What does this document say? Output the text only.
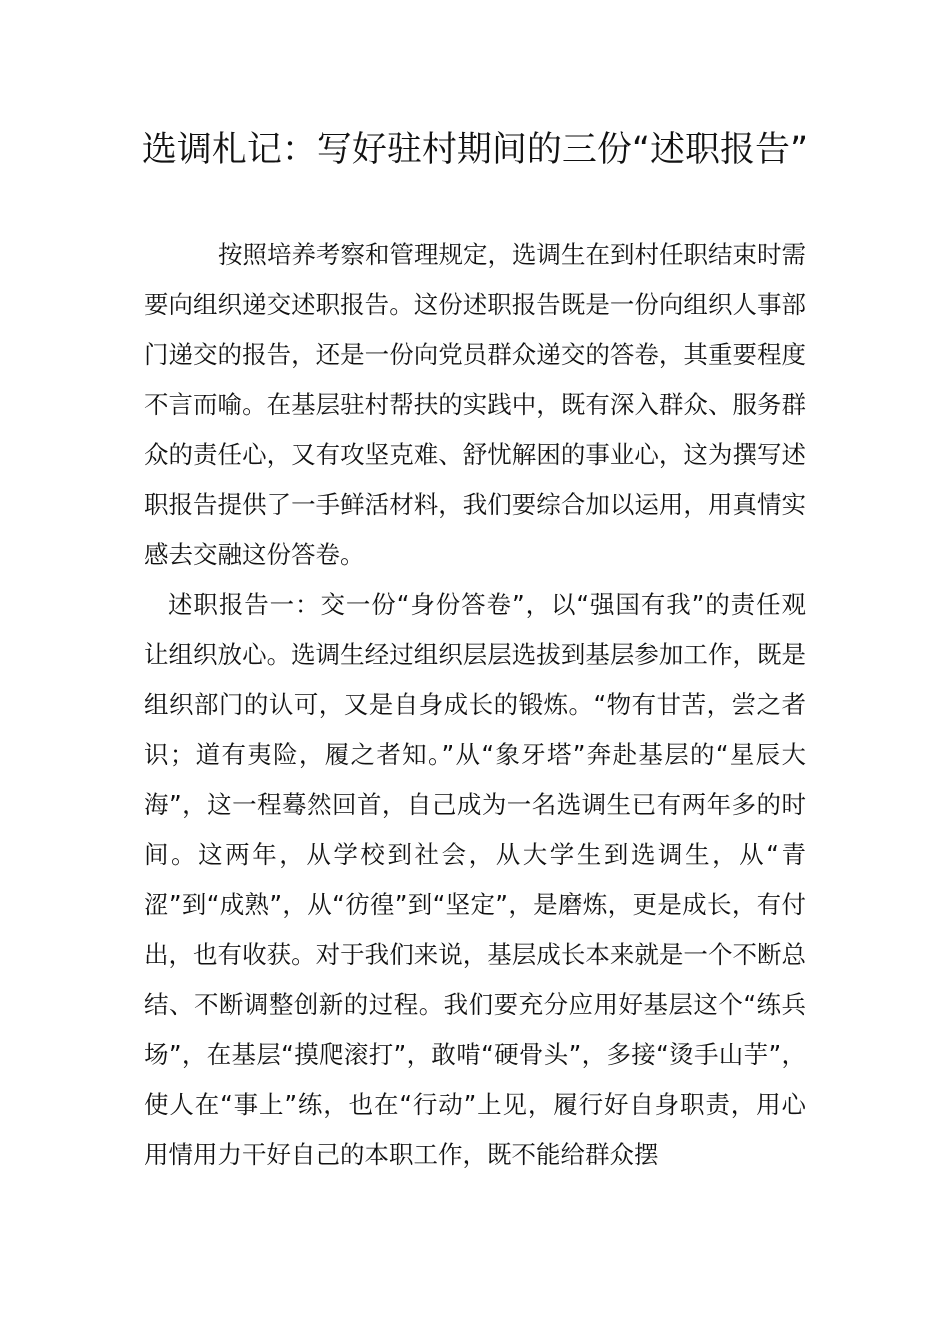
选调札记：写好驻村期间的三份“述职报告”

按照培养考察和管理规定，选调生在到村任职结束时需要向组织递交述职报告。这份述职报告既是一份向组织人事部门递交的报告，还是一份向党员群众递交的答卷，其重要程度不言而喻。在基层驻村帮扶的实践中，既有深入群众、服务群众的责任心，又有攻坚克难、舒忧解困的事业心，这为撰写述职报告提供了一手鲜活材料，我们要综合加以运用，用真情实感去交融这份答卷。

述职报告一：交一份“身份答卷”，以“强国有我”的责任观让组织放心。选调生经过组织层层选拔到基层参加工作，既是组织部门的认可，又是自身成长的锻炼。“物有甘苦，尝之者识；道有夷险，履之者知。”从“象牙塔”奔赴基层的“星辰大海”，这一程蓦然回首，自己成为一名选调生已有两年多的时间。这两年，从学校到社会，从大学生到选调生，从“青涩”到“成熟”，从“彷徨”到“坚定”，是磨炼，更是成长，有付出，也有收获。对于我们来说，基层成长本来就是一个不断总结、不断调整创新的过程。我们要充分应用好基层这个“练兵场”，在基层“摸爬滚打”，敢啃“硬骨头”，多接“烫手山芋”，使人在“事上”练，也在“行动”上见，履行好自身职责，用心用情用力干好自己的本职工作，既不能给群众摆
